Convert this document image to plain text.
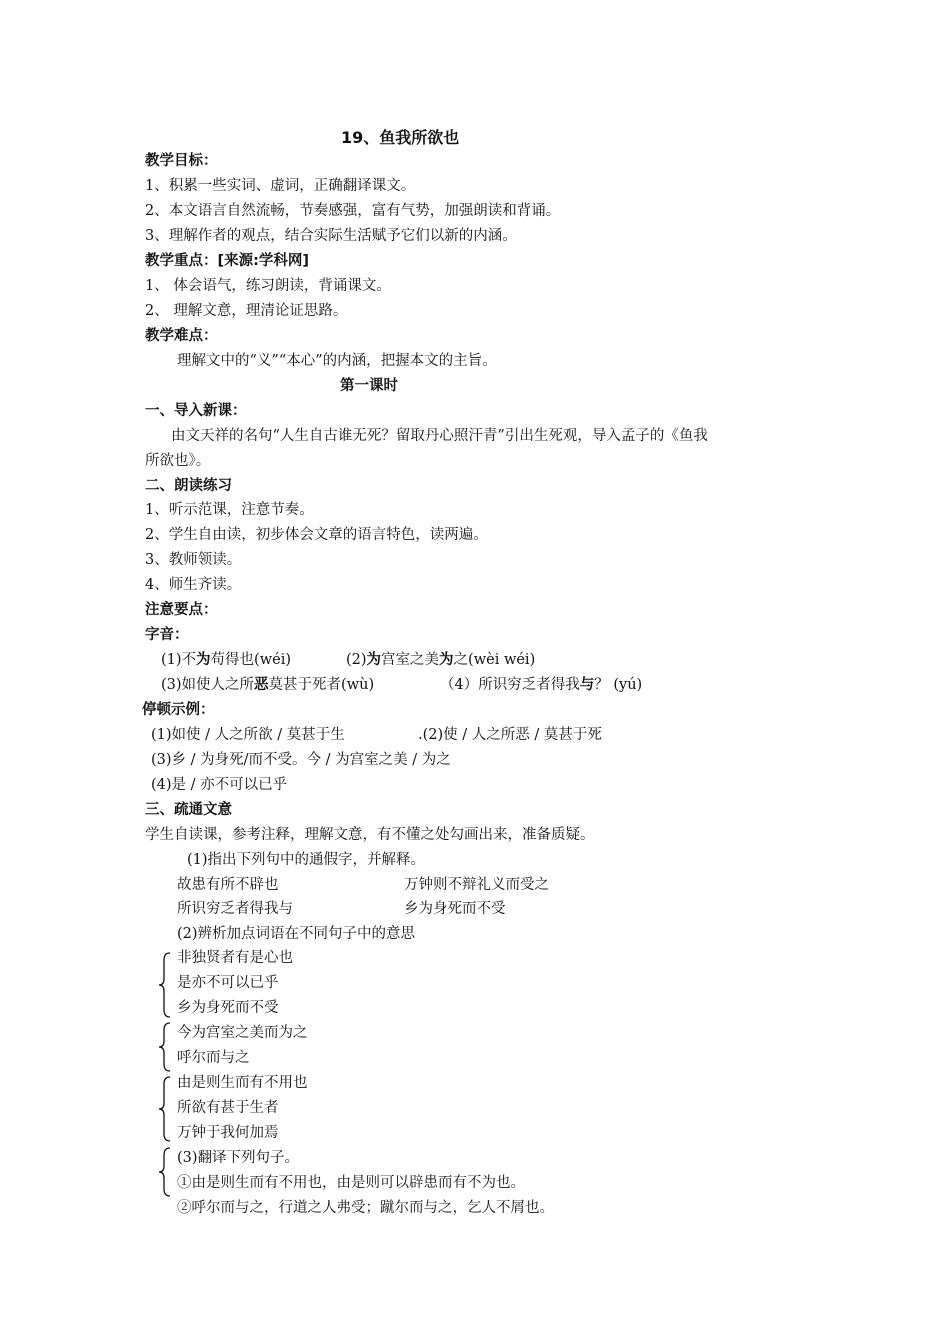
19、鱼我所欲也
教学目标：
1、积累一些实词、虚词，正确翻译课文。
2、本文语言自然流畅，节奏感强，富有气势，加强朗读和背诵。
3、理解作者的观点，结合实际生活赋予它们以新的内涵。
教学重点：[来源:学科网]
1、 体会语气，练习朗读，背诵课文。
2、 理解文意，理清论证思路。
教学难点：
理解文中的“义”“本心”的内涵，把握本文的主旨。
第一课时
一、导入新课：
由文天祥的名句“人生自古谁无死？留取丹心照汗青”引出生死观，导入孟子的《鱼我
所欲也》。
二、朗读练习
1、听示范课，注意节奏。
2、学生自由读，初步体会文章的语言特色，读两遍。
3、教师领读。
4、师生齐读。
注意要点：
字音：
(1)不为苟得也(wéi)	(2)为宫室之美为之(wèi wéi)
(3)如使人之所恶莫甚于死者(wù)	（4）所识穷乏者得我与？ (yú)
停顿示例：
(1)如使 / 人之所欲 / 莫甚于生	.(2)使 / 人之所恶 / 莫甚于死
(3)乡 / 为身死/而不受。今 / 为宫室之美 / 为之
(4)是 / 亦不可以已乎
三、疏通文意
学生自读课，参考注释，理解文意，有不懂之处勾画出来，准备质疑。
(1)指出下列句中的通假字，并解释。
故患有所不辟也	万钟则不辩礼义而受之
所识穷乏者得我与	乡为身死而不受
(2)辨析加点词语在不同句子中的意思
非独贤者有是心也
是亦不可以已乎
乡为身死而不受
今为宫室之美而为之
呼尔而与之
由是则生而有不用也
所欲有甚于生者
万钟于我何加焉
(3)翻译下列句子。
①由是则生而有不用也，由是则可以辟患而有不为也。
②呼尔而与之，行道之人弗受；蹴尔而与之，乞人不屑也。
